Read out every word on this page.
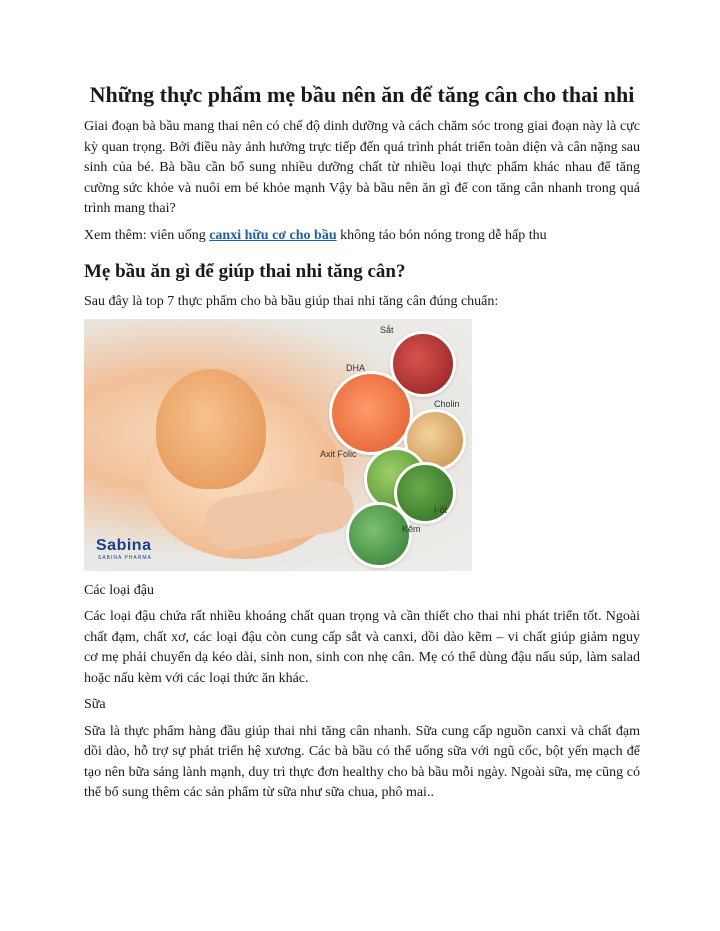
Những thực phẩm mẹ bầu nên ăn để tăng cân cho thai nhi

Giai đoạn bà bầu mang thai nên có chế độ dinh dưỡng và cách chăm sóc trong giai đoạn này là cực kỳ quan trọng. Bởi điều này ảnh hưởng trực tiếp đến quá trình phát triển toàn diện và cân nặng sau sinh của bé. Bà bầu cần bổ sung nhiều dưỡng chất từ nhiều loại thực phẩm khác nhau để tăng cường sức khỏe và nuôi em bé khỏe mạnh Vậy bà bầu nên ăn gì để con tăng cân nhanh trong quá trình mang thai?

Xem thêm: viên uống canxi hữu cơ cho bầu không táo bón nóng trong dễ hấp thu

Mẹ bầu ăn gì để giúp thai nhi tăng cân?

Sau đây là top 7 thực phẩm cho bà bầu giúp thai nhi tăng cân đúng chuẩn:

Sắt
DHA
Cholin
Axit Folic
I-ốt
Kẽm
Sabina
SABINA PHARMA

Các loại đậu

Các loại đậu chứa rất nhiều khoáng chất quan trọng và cần thiết cho thai nhi phát triển tốt. Ngoài chất đạm, chất xơ, các loại đậu còn cung cấp sắt và canxi, dồi dào kẽm – vi chất giúp giảm nguy cơ mẹ phải chuyển dạ kéo dài, sinh non, sinh con nhẹ cân. Mẹ có thể dùng đậu nấu súp, làm salad hoặc nấu kèm với các loại thức ăn khác.

Sữa

Sữa là thực phẩm hàng đầu giúp thai nhi tăng cân nhanh. Sữa cung cấp nguồn canxi và chất đạm dồi dào, hỗ trợ sự phát triển hệ xương. Các bà bầu có thể uống sữa với ngũ cốc, bột yến mạch để tạo nên bữa sáng lành mạnh, duy trì thực đơn healthy cho bà bầu mỗi ngày. Ngoài sữa, mẹ cũng có thể bổ sung thêm các sản phẩm từ sữa như sữa chua, phô mai..
